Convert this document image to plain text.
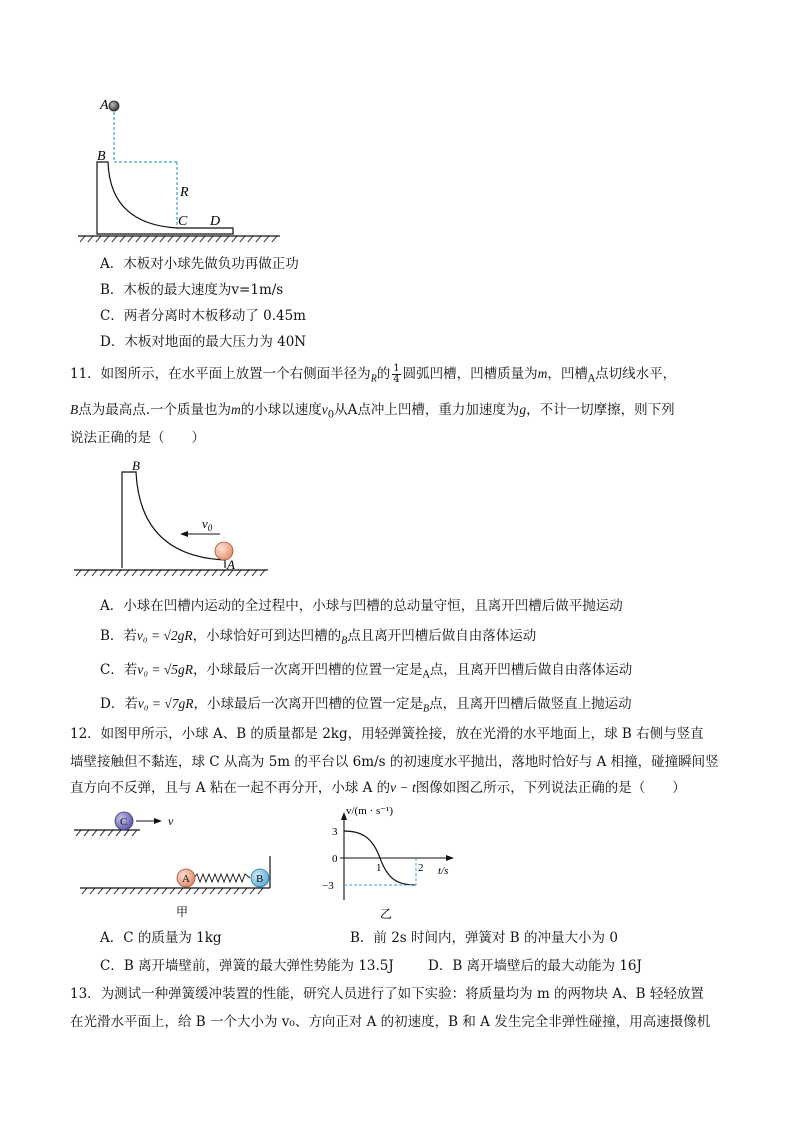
A
B
R
C D
A．木板对小球先做负功再做正功
B．木板的最大速度为v=1m/s
C．两者分离时木板移动了 0.45m
D．木板对地面的最大压力为 40N
11．如图所示，在水平面上放置一个右侧面半径为$_R$的 $\frac{1}{4}$ 圆弧凹槽，凹槽质量为m，凹槽$_A$点切线水平，
B点为最高点.一个质量也为m的小球以速度$v_0$从A点冲上凹槽，重力加速度为g，不计一切摩擦，则下列
说法正确的是（　　）
B
$v_0$
A
A．小球在凹槽内运动的全过程中，小球与凹槽的总动量守恒，且离开凹槽后做平抛运动
B．若v₀ = √2gR，小球恰好可到达凹槽的$_B$点且离开凹槽后做自由落体运动
C．若v₀ = √5gR，小球最后一次离开凹槽的位置一定是$_A$点，且离开凹槽后做自由落体运动
D．若v₀ = √7gR，小球最后一次离开凹槽的位置一定是$_B$点，且离开凹槽后做竖直上抛运动
12．如图甲所示，小球 A、B 的质量都是 2kg，用轻弹簧拴接，放在光滑的水平地面上，球 B 右侧与竖直
墙壁接触但不黏连，球 C 从高为 5m 的平台以 6m/s 的初速度水平抛出，落地时恰好与 A 相撞，碰撞瞬间竖
直方向不反弹，且与 A 粘在一起不再分开，小球 A 的v − t图像如图乙所示，下列说法正确的是（　　）
C	v
A	B
甲
v/(m · s⁻¹)
3
0
−3
1	2 t/s
乙
A．C 的质量为 1kg	B．前 2s 时间内，弹簧对 B 的冲量大小为 0
C．B 离开墙壁前，弹簧的最大弹性势能为 13.5J	D．B 离开墙壁后的最大动能为 16J
13．为测试一种弹簧缓冲装置的性能，研究人员进行了如下实验：将质量均为 m 的两物块 A、B 轻轻放置
在光滑水平面上，给 B 一个大小为 v₀、方向正对 A 的初速度，B 和 A 发生完全非弹性碰撞，用高速摄像机
